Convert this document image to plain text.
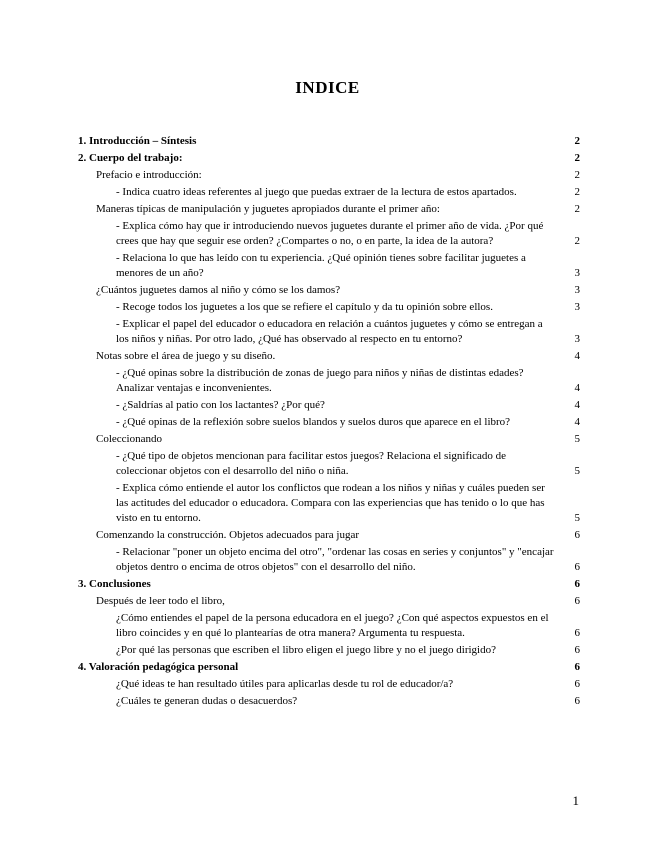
INDICE
1. Introducción – Síntesis	2
2. Cuerpo del trabajo:	2
Prefacio e introducción:	2
- Indica cuatro ideas referentes al juego que puedas extraer de la lectura de estos apartados.	2
Maneras típicas de manipulación y juguetes apropiados durante el primer año:	2
- Explica cómo hay que ir introduciendo nuevos juguetes durante el primer año de vida. ¿Por qué crees que hay que seguir ese orden? ¿Compartes o no, o en parte, la idea de la autora?	2
- Relaciona lo que has leído con tu experiencia. ¿Qué opinión tienes sobre facilitar juguetes a menores de un año?	3
¿Cuántos juguetes damos al niño y cómo se los damos?	3
- Recoge todos los juguetes a los que se refiere el capítulo y da tu opinión sobre ellos.	3
- Explicar el papel del educador o educadora en relación a cuántos juguetes y cómo se entregan a los niños y niñas. Por otro lado, ¿Qué has observado al respecto en tu entorno?	3
Notas sobre el área de juego y su diseño.	4
- ¿Qué opinas sobre la distribución de zonas de juego para niños y niñas de distintas edades? Analizar ventajas e inconvenientes.	4
- ¿Saldrías al patio con los lactantes? ¿Por qué?	4
- ¿Qué opinas de la reflexión sobre suelos blandos y suelos duros que aparece en el libro?	4
Coleccionando	5
- ¿Qué tipo de objetos mencionan para facilitar estos juegos? Relaciona el significado de coleccionar objetos con el desarrollo del niño o niña.	5
- Explica cómo entiende el autor los conflictos que rodean a los niños y niñas y cuáles pueden ser las actitudes del educador o educadora. Compara con las experiencias que has tenido o lo que has visto en tu entorno.	5
Comenzando la construcción. Objetos adecuados para jugar	6
- Relacionar "poner un objeto encima del otro", "ordenar las cosas en series y conjuntos" y "encajar objetos dentro o encima de otros objetos" con el desarrollo del niño.	6
3. Conclusiones	6
Después de leer todo el libro,	6
¿Cómo entiendes el papel de la persona educadora en el juego? ¿Con qué aspectos expuestos en el libro coincides y en qué lo plantearías de otra manera? Argumenta tu respuesta.	6
¿Por qué las personas que escriben el libro eligen el juego libre y no el juego dirigido?	6
4. Valoración pedagógica personal	6
¿Qué ideas te han resultado útiles para aplicarlas desde tu rol de educador/a?	6
¿Cuáles te generan dudas o desacuerdos?	6
1
